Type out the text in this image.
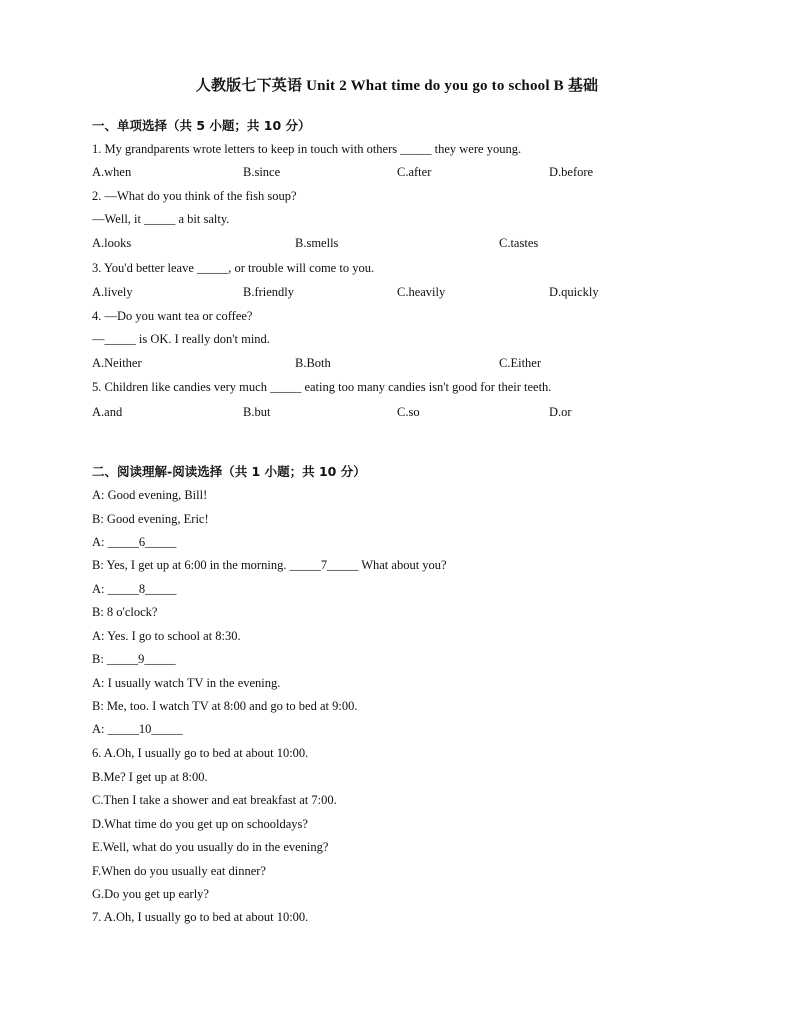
人教版七下英语 Unit 2 What time do you go to school B 基础
一、单项选择（共 5 小题；共 10 分）
1. My grandparents wrote letters to keep in touch with others _____ they were young.
A.when	B.since	C.after	D.before
2. —What do you think of the fish soup?
—Well, it _____ a bit salty.
A.looks	B.smells	C.tastes
3. You'd better leave _____, or trouble will come to you.
A.lively	B.friendly	C.heavily	D.quickly
4. —Do you want tea or coffee?
—_____ is OK. I really don't mind.
A.Neither	B.Both	C.Either
5. Children like candies very much _____ eating too many candies isn't good for their teeth.
A.and	B.but	C.so	D.or
二、阅读理解-阅读选择（共 1 小题；共 10 分）
A: Good evening, Bill!
B: Good evening, Eric!
A: _____6_____
B: Yes, I get up at 6:00 in the morning. _____7_____ What about you?
A: _____8_____
B: 8 o'clock?
A: Yes. I go to school at 8:30.
B: _____9_____
A: I usually watch TV in the evening.
B: Me, too. I watch TV at 8:00 and go to bed at 9:00.
A: _____10_____
6. A.Oh, I usually go to bed at about 10:00.
B.Me? I get up at 8:00.
C.Then I take a shower and eat breakfast at 7:00.
D.What time do you get up on schooldays?
E.Well, what do you usually do in the evening?
F.When do you usually eat dinner?
G.Do you get up early?
7. A.Oh, I usually go to bed at about 10:00.
